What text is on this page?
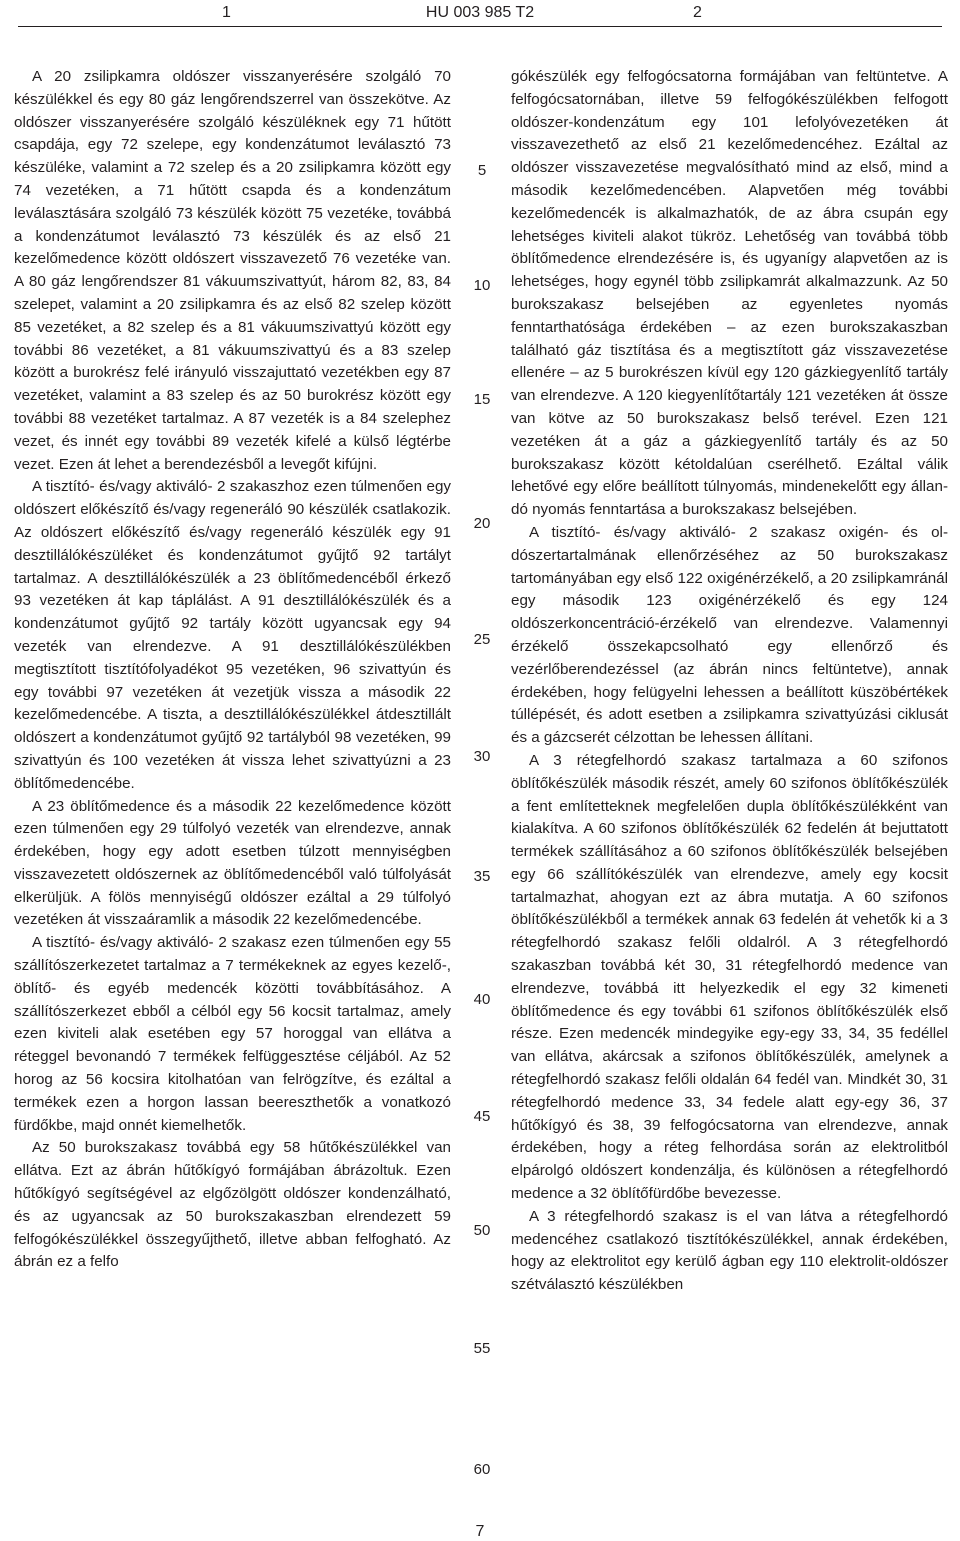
1	HU 003 985 T2	2

A 20 zsilipkamra oldószer visszanyerésére szolgáló 70 készülékkel és egy 80 gáz lengőrendszerrel van összekötve. Az oldószer visszanyerésére szolgáló készüléknek egy 71 hűtött csapdája, egy 72 szelepe, egy kondenzátumot leválasztó 73 készüléke, valamint a 72 szelep és a 20 zsilipkamra között egy 74 vezetéken, a 71 hűtött csapda és a kondenzátum leválasztására szolgáló 73 készülék között 75 vezetéke, továbbá a kondenzátumot leválasztó 73 készülék és az első 21 kezelőmedence között oldószert visszavezető 76 vezetéke van. A 80 gáz lengőrendszer 81 vákuumszivattyút, három 82, 83, 84 szelepet, valamint a 20 zsilipkamra és az első 82 szelep között 85 vezetéket, a 82 szelep és a 81 vákuumszivattyú között egy további 86 vezetéket, a 81 vákuumszivattyú és a 83 szelep között a burokrész felé irányuló visszajuttató vezetékben egy 87 vezetéket, valamint a 83 szelep és az 50 burokrész között egy további 88 vezetéket tartalmaz. A 87 vezeték is a 84 szelephez vezet, és innét egy további 89 vezeték kifelé a külső légtérbe vezet. Ezen át lehet a berendezésből a levegőt kifújni.

A tisztító- és/vagy aktiváló- 2 szakaszhoz ezen túlmenően egy oldószert előkészítő és/vagy regeneráló 90 készülék csatlakozik. Az oldószert előkészítő és/vagy regeneráló készülék egy 91 desztillálókészüléket és kondenzátumot gyűjtő 92 tartályt tartalmaz. A desztillálókészülék a 23 öblítőmedencéből érkező 93 vezetéken át kap táplálást. A 91 desztillálókészülék és a kondenzátumot gyűjtő 92 tartály között ugyancsak egy 94 vezeték van elrendezve. A 91 desztillálókészülékben megtisztított tisztítófolyadékot 95 vezetéken, 96 szivattyún és egy további 97 vezetéken át vezetjük vissza a második 22 kezelőmedencébe. A tiszta, a desztillálókészülékkel átdesztillált oldószert a kondenzátumot gyűjtő 92 tartályból 98 vezetéken, 99 szivattyún és 100 vezetéken át vissza lehet szivattyúzni a 23 öblítőmedencébe.

A 23 öblítőmedence és a második 22 kezelőmedence között ezen túlmenően egy 29 túlfolyó vezeték van elrendezve, annak érdekében, hogy egy adott esetben túlzott mennyiségben visszavezetett oldószernek az öblítőmedencéből való túlfolyását elkerüljük. A fölös mennyiségű oldószer ezáltal a 29 túlfolyó vezetéken át visszaáramlik a második 22 kezelőmedencébe.

A tisztító- és/vagy aktiváló- 2 szakasz ezen túlmenően egy 55 szállítószerkezetet tartalmaz a 7 termékeknek az egyes kezelő-, öblítő- és egyéb medencék közötti továbbításához. A szállítószerkezet ebből a célból egy 56 kocsit tartalmaz, amely ezen kiviteli alak esetében egy 57 horoggal van ellátva a réteggel bevonandó 7 termékek felfüggesztése céljából. Az 52 horog az 56 kocsira kitolhatóan van felrögzítve, és ezáltal a termékek ezen a horgon lassan beereszthetők a vonatkozó fürdőkbe, majd onnét kiemelhetők.

Az 50 burokszakasz továbbá egy 58 hűtőkészülékkel van ellátva. Ezt az ábrán hűtőkígyó formájában ábrázoltuk. Ezen hűtőkígyó segítségével az elgőzölgött oldószer kondenzálható, és az ugyancsak az 50 burokszakaszban elrendezett 59 felfogókészülékkel összegyűjthető, illetve abban felfogható. Az ábrán ez a felfo

5
10
15
20
25
30
35
40
45
50
55
60

gókészülék egy felfogócsatorna formájában van feltüntetve. A felfogócsatornában, illetve 59 felfogókészülékben felfogott oldószer-kondenzátum egy 101 lefolyóvezetéken át visszavezethető az első 21 kezelőmedencéhez. Ezáltal az oldószer visszavezetése megvalósítható mind az első, mind a második kezelőmedencében. Alapvetően még további kezelőmedencék is alkalmazhatók, de az ábra csupán egy lehetséges kiviteli alakot tükröz. Lehetőség van továbbá több öblítőmedence elrendezésére is, és ugyanígy alapvetően az is lehetséges, hogy egynél több zsilipkamrát alkalmazzunk. Az 50 burokszakasz belsejében az egyenletes nyomás fenntarthatósága érdekében – az ezen burokszakaszban található gáz tisztítása és a megtisztított gáz visszavezetése ellenére – az 5 burokrészen kívül egy 120 gázkiegyenlítő tartály van elrendezve. A 120 kiegyenlítőtartály 121 vezetéken át össze van kötve az 50 burokszakasz belső terével. Ezen 121 vezetéken át a gáz a gázkiegyenlítő tartály és az 50 burokszakasz között kétoldalúan cserélhető. Ezáltal válik lehetővé egy előre beállított túlnyomás, mindenekelőtt egy állandó nyomás fenntartása a burokszakasz belsejében.

A tisztító- és/vagy aktiváló- 2 szakasz oxigén- és oldószertartalmának ellenőrzéséhez az 50 burokszakasz tartományában egy első 122 oxigénérzékelő, a 20 zsilipkamránál egy második 123 oxigénérzékelő és egy 124 oldószerkoncentráció-érzékelő van elrendezve. Valamennyi érzékelő összekapcsolható egy ellenőrző és vezérlőberendezéssel (az ábrán nincs feltüntetve), annak érdekében, hogy felügyelni lehessen a beállított küszöbértékek túllépését, és adott esetben a zsilipkamra szivattyúzási ciklusát és a gázcserét célzottan be lehessen állítani.

A 3 rétegfelhordó szakasz tartalmaza a 60 szifonos öblítőkészülék második részét, amely 60 szifonos öblítőkészülék a fent említetteknek megfelelően dupla öblítőkészülékként van kialakítva. A 60 szifonos öblítőkészülék 62 fedelén át bejuttatott termékek szállításához a 60 szifonos öblítőkészülék belsejében egy 66 szállítókészülék van elrendezve, amely egy kocsit tartalmazhat, ahogyan ezt az ábra mutatja. A 60 szifonos öblítőkészülékből a termékek annak 63 fedelén át vehetők ki a 3 rétegfelhordó szakasz felőli oldalról. A 3 rétegfelhordó szakaszban továbbá két 30, 31 rétegfelhordó medence van elrendezve, továbbá itt helyezkedik el egy 32 kimeneti öblítőmedence és egy további 61 szifonos öblítőkészülék első része. Ezen medencék mindegyike egy-egy 33, 34, 35 fedéllel van ellátva, akárcsak a szifonos öblítőkészülék, amelynek a rétegfelhordó szakasz felőli oldalán 64 fedél van. Mindkét 30, 31 rétegfelhordó medence 33, 34 fedele alatt egy-egy 36, 37 hűtőkígyó és 38, 39 felfogócsatorna van elrendezve, annak érdekében, hogy a réteg felhordása során az elektrolitból elpárolgó oldószert kondenzálja, és különösen a rétegfelhordó medence a 32 öblítőfürdőbe bevezesse.

A 3 rétegfelhordó szakasz is el van látva a rétegfelhordó medencéhez csatlakozó tisztítókészülékkel, annak érdekében, hogy az elektrolitot egy kerülő ágban egy 110 elektrolit-oldószer szétválasztó készülékben

7
